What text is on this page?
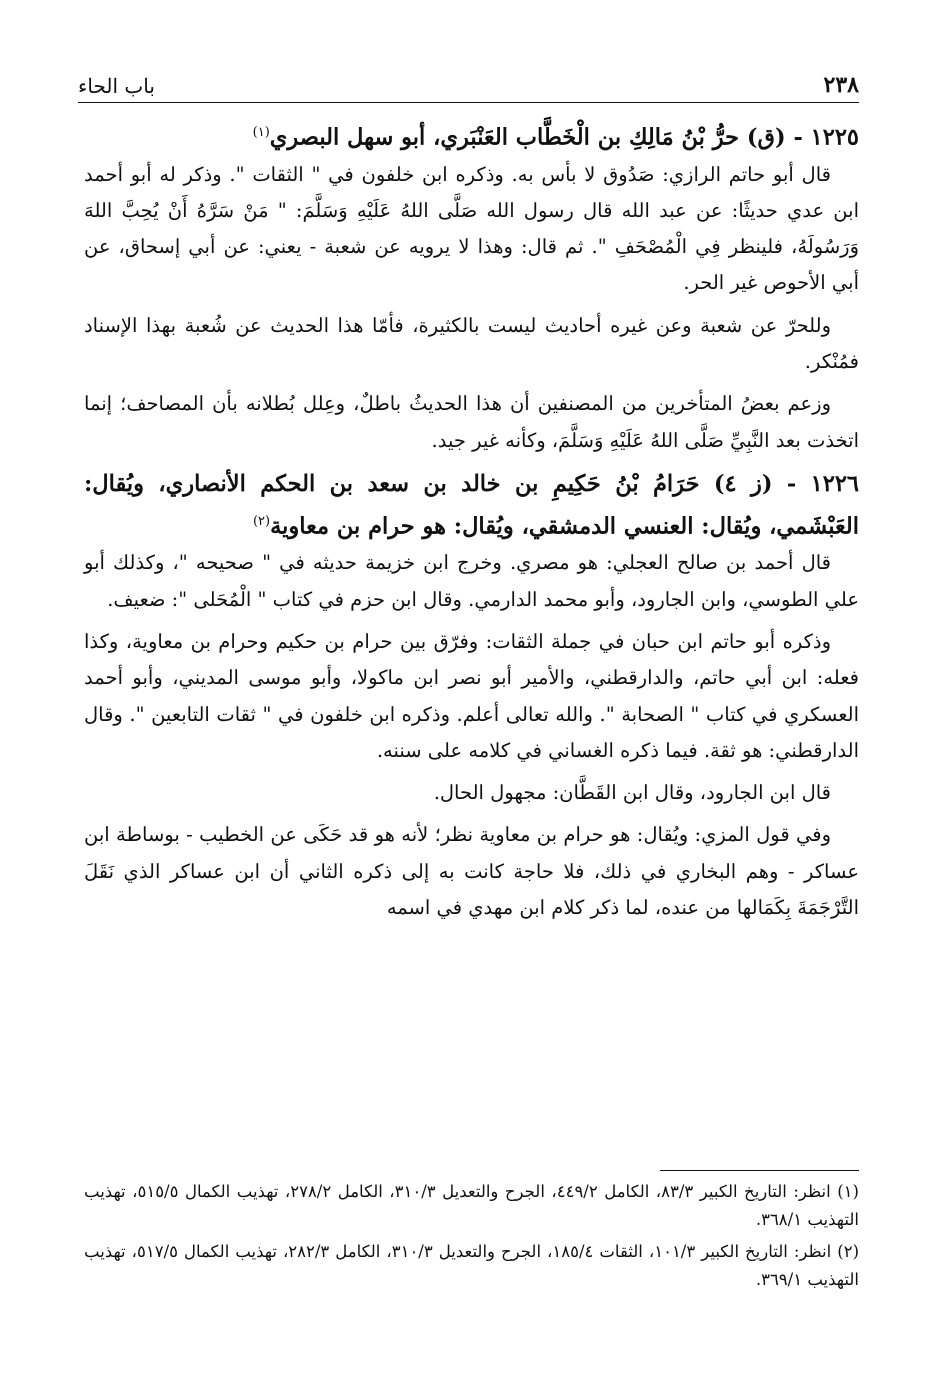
٢٣٨
باب الحاء
١٢٢٥ - (ق) حرُّ بْنُ مَالِكِ بن الْخَطَّاب العَنْبَري، أبو سهل البصري$^{(١)}$

قال أبو حاتم الرازي: صَدُوق لا بأس به. وذكره ابن خلفون في " الثقات ". وذكر له أبو أحمد ابن عدي حديثًا: عن عبد الله قال رسول الله صَلَّى اللهُ عَلَيْهِ وَسَلَّمَ: " مَنْ سَرَّهُ أَنْ يُحِبَّ اللهَ وَرَسُولَهُ، فلينظر فِي الْمُصْحَفِ ". ثم قال: وهذا لا يرويه عن شعبة - يعني: عن أبي إسحاق، عن أبي الأحوص غير الحر.

وللحرّ عن شعبة وعن غيره أحاديث ليست بالكثيرة، فأمّا هذا الحديث عن شُعبة بهذا الإسناد فمُنْكر.

وزعم بعضُ المتأخرين من المصنفين أن هذا الحديثُ باطلٌ، وعِلل بُطلانه بأن المصاحف؛ إنما اتخذت بعد النَّبِيِّ صَلَّى اللهُ عَلَيْهِ وَسَلَّمَ، وكأنه غير جيد.

١٢٢٦ - (ز ٤) حَرَامُ بْنُ حَكِيمِ بن خالد بن سعد بن الحكم الأنصاري، ويُقال: العَبْشَمي، ويُقال: العنسي الدمشقي، ويُقال: هو حرام بن معاوية$^{(٢)}$

قال أحمد بن صالح العجلي: هو مصري. وخرج ابن خزيمة حديثه في " صحيحه "، وكذلك أبو علي الطوسي، وابن الجارود، وأبو محمد الدارمي. وقال ابن حزم في كتاب " الْمُحَلى ": ضعيف.

وذكره أبو حاتم ابن حبان في جملة الثقات: وفرّق بين حرام بن حكيم وحرام بن معاوية، وكذا فعله: ابن أبي حاتم، والدارقطني، والأمير أبو نصر ابن ماكولا، وأبو موسى المديني، وأبو أحمد العسكري في كتاب " الصحابة ". والله تعالى أعلم. وذكره ابن خلفون في " ثقات التابعين ". وقال الدارقطني: هو ثقة. فيما ذكره الغساني في كلامه على سننه.

قال ابن الجارود، وقال ابن القَطَّان: مجهول الحال.

وفي قول المزي: ويُقال: هو حرام بن معاوية نظر؛ لأنه هو قد حَكَى عن الخطيب - بوساطة ابن عساكر - وهم البخاري في ذلك، فلا حاجة كانت به إلى ذكره الثاني أن ابن عساكر الذي نَقَلَ التَّرْجَمَةَ بِكَمَالها من عنده، لما ذكر كلام ابن مهدي في اسمه

(١) انظر: التاريخ الكبير ٨٣/٣، الكامل ٤٤٩/٢، الجرح والتعديل ٣١٠/٣، الكامل ٢٧٨/٢، تهذيب الكمال ٥١٥/٥، تهذيب التهذيب ٣٦٨/١.

(٢) انظر: التاريخ الكبير ١٠١/٣، الثقات ١٨٥/٤، الجرح والتعديل ٣١٠/٣، الكامل ٢٨٢/٣، تهذيب الكمال ٥١٧/٥، تهذيب التهذيب ٣٦٩/١.
